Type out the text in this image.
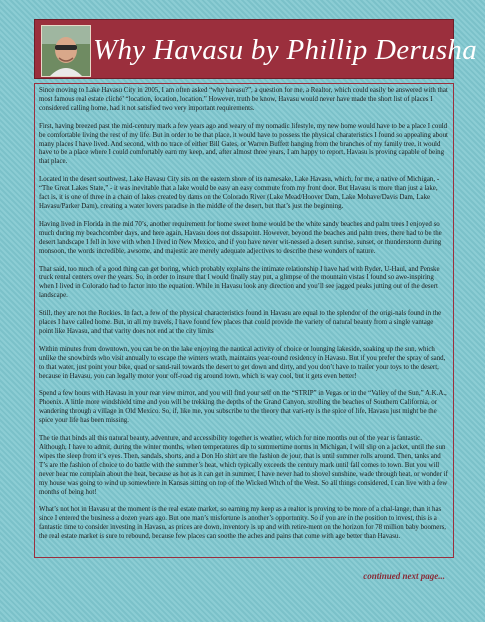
Why Havasu by Phillip Derusha

Since moving to Lake Havasu City in 2005, I am often asked “why havasu?”, a question for me, a Realtor, which could easily be answered with that most famous real estate cliché’ “location, location, location.” However, truth be know, Havasu would never have made the short list of places I considered calling home, had it not satisfied two very important requirements.

First, having breezed past the mid-century mark a few years ago and weary of my nomadic lifestyle, my new home would have to be a place I could be comfortable living the rest of my life. But in order to be that place, it would have to possess the physical charateristics I found so appealing about many places I have lived. And second, with no trace of either Bill Gates, or Warren Buffett hanging from the branches of my family tree, it would have to be a place where I could comfortably earn my keep, and, after almost three years, I am happy to report, Havasu is proving capable of being that place.

Located in the desert southwest, Lake Havasu City sits on the eastern shore of its namesake, Lake Havasu, which, for me, a native of Michigan, - “The Great Lakes State,” - it was inevitable that a lake would be easy an easy commute from my front door. But Havasu is more than just a lake, fact is, it is one of three in a chain of lakes created by dams on the Colorado River (Lake Mead/Hoover Dam, Lake Mohave/Davis Dam, Lake Havasu/Parker Dam), creating a water lovers paradise in the middle of the desert, but that’s just the beginning.

Having lived in Florida in the mid 70’s, another requirement for home sweet home would be the white sandy beaches and palm trees I enjoyed so much during my beachcomber days, and here again, Havasu does not dissapoint. However, beyond the beaches and palm trees, there had to be the desert landscape I fell in love with when I lived in New Mexico, and if you have never wit-nessed a desert sunrise, sunset, or thunderstorm during monsoon, the words incredible, awsome, and majestic are merely adequate adjectives to describe these wonders of nature.

That said, too much of a good thing can get boring, which probably explains the intimate relationship I have had with Ryder, U-Haul, and Penske truck rental centers over the years. So, in order to insure that I would finally stay put, a glimpse of the mountain vistas I found so awe-inspiring when I lived in Colorado had to factor into the equation. While in Havasu look any direction and you’ll see jagged peaks jutting out of the desert landscape.

Still, they are not the Rockies. In fact, a few of the physical characteristics found in Havasu are equal to the splendor of the origi-nals found in the places I have called home. But, in all my travels, I have found few places that could provide the variety of natural beauty from a single vantage point like Havasu, and that varity does not end at the city limits

Within minutes from downtown, you can be on the lake enjoying the nautical activity of choice or lounging lakeside, soaking up the sun, which unlike the snowbirds who visit annually to escape the winters wrath, maintains year-round residency in Havasu. But if you prefer the spray of sand, to that water, just point your bike, quad or sand-rail towards the desert to get down and dirty, and you don’t have to trailer your toys to the desert, because in Havasu, you can legally motor your off-road rig around town, which is way cool, but it gets even better!

Spend a few hours with Havasu in your rear view mirror, and you will find your self on the “STRIP” in Vegas or in the “Valley of the Sun,” A.K.A., Phoenix. A little more windshield time and you will be trekking the depths of the Grand Canyon, strolling the beaches of Southern California, or wandering through a village in Old Mexico. So, if, like me, you subscribe to the theory that vari-ety is the spice of life, Havasu just might be the spice your life has been missing.

The tie that binds all this natural beauty, adventure, and accessibility together is weather, which for nine months out of the year is fantastic. Although, I have to admit, during the winter months, when temperatures dip to summertime norms in Michigan, I will slip on a jacket, until the sun wipes the sleep from it’s eyes. Then, sandals, shorts, and a Don Ho shirt are the fashion de jour, that is until summer rolls around. Then, tanks and T’s are the fashion of choice to do battle with the summer’s heat, which typically exceeds the century mark until fall comes to town. But you will never hear me complain about the heat, because as hot as it can get in summer, I have never had to shovel sunshine, wade through heat, or wonder if my house was going to wind up somewhere in Kansas sitting on top of the Wicked Witch of the West. So all things considered, I can live with a few months of being hot!

What’s not hot in Havasu at the moment is the real estate market, so earning my keep as a realtor is proving to be more of a chal-lange, than it has since I entered the business a dozen years ago. But one man’s misfortune is another’s opportunity. So if you are in the position to invest, this is a fantastic time to consider investing in Havasu, as prices are down, inventory is up and with retire-ment on the horizon for 78 million baby boomers, the real estate market is sure to rebound, because few places can soothe the aches and pains that come with age better than Havasu.

continued next page...
